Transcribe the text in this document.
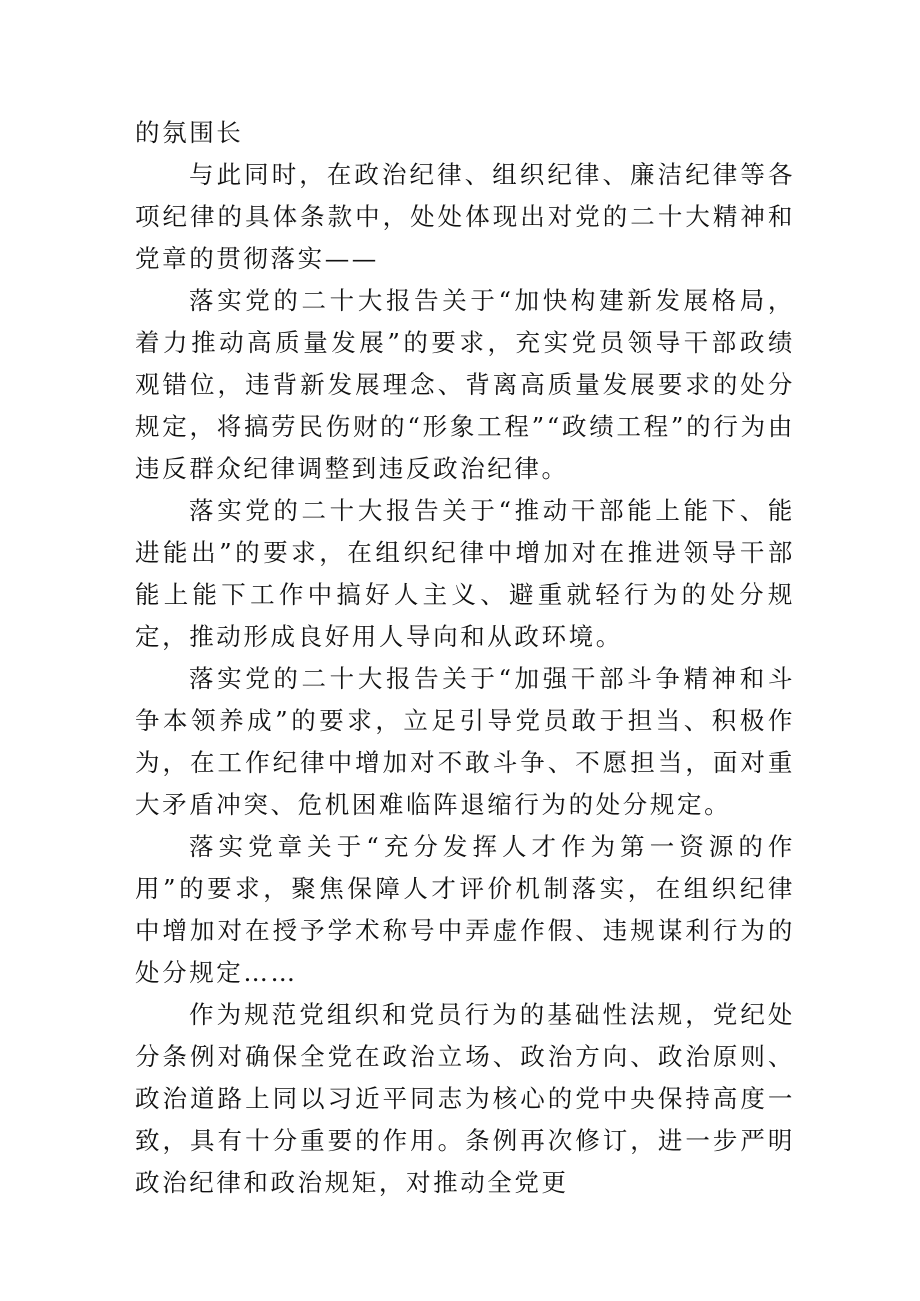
的氛围长

与此同时，在政治纪律、组织纪律、廉洁纪律等各项纪律的具体条款中，处处体现出对党的二十大精神和党章的贯彻落实——

落实党的二十大报告关于“加快构建新发展格局，着力推动高质量发展”的要求，充实党员领导干部政绩观错位，违背新发展理念、背离高质量发展要求的处分规定，将搞劳民伤财的“形象工程”“政绩工程”的行为由违反群众纪律调整到违反政治纪律。

落实党的二十大报告关于“推动干部能上能下、能进能出”的要求，在组织纪律中增加对在推进领导干部能上能下工作中搞好人主义、避重就轻行为的处分规定，推动形成良好用人导向和从政环境。

落实党的二十大报告关于“加强干部斗争精神和斗争本领养成”的要求，立足引导党员敢于担当、积极作为，在工作纪律中增加对不敢斗争、不愿担当，面对重大矛盾冲突、危机困难临阵退缩行为的处分规定。

落实党章关于“充分发挥人才作为第一资源的作用”的要求，聚焦保障人才评价机制落实，在组织纪律中增加对在授予学术称号中弄虚作假、违规谋利行为的处分规定……

作为规范党组织和党员行为的基础性法规，党纪处分条例对确保全党在政治立场、政治方向、政治原则、政治道路上同以习近平同志为核心的党中央保持高度一致，具有十分重要的作用。条例再次修订，进一步严明政治纪律和政治规矩，对推动全党更
